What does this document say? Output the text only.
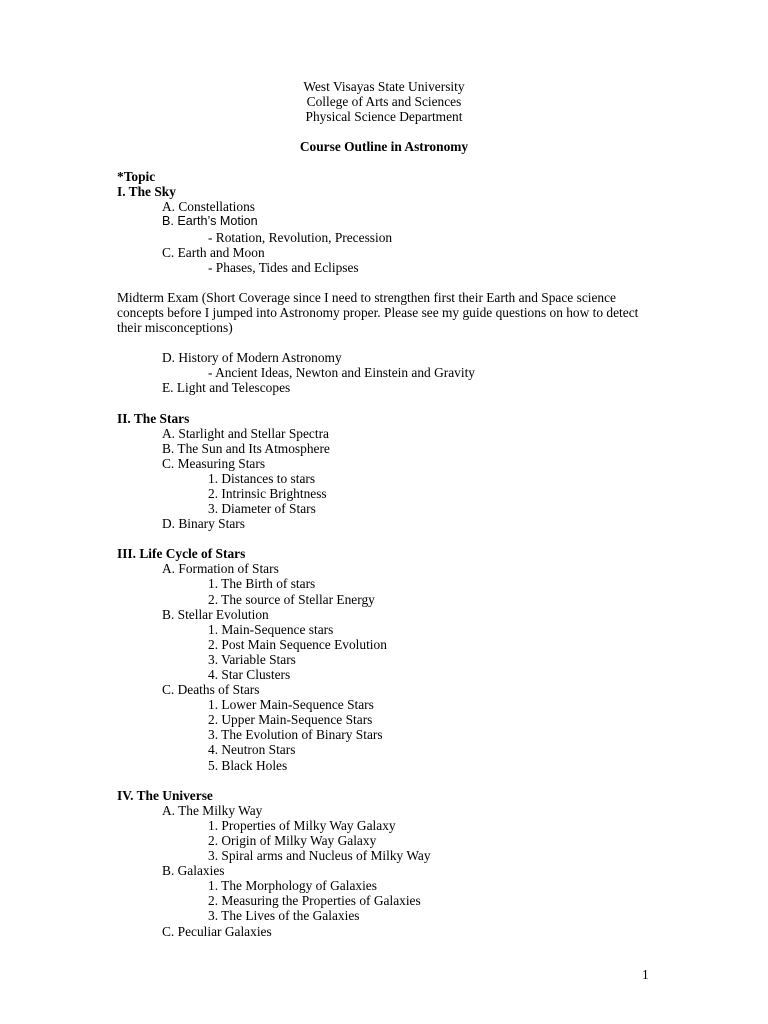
West Visayas State University
College of Arts and Sciences
Physical Science Department
Course Outline in Astronomy
*Topic
I. The Sky
A. Constellations
B. Earth’s Motion
- Rotation, Revolution, Precession
C. Earth and Moon
- Phases, Tides and Eclipses
Midterm Exam (Short Coverage since I need to strengthen first their Earth and Space science concepts before I jumped into Astronomy proper. Please see my guide questions on how to detect their misconceptions)
D. History of Modern Astronomy
- Ancient Ideas, Newton and Einstein and Gravity
E. Light and Telescopes
II. The Stars
A. Starlight and Stellar Spectra
B. The Sun and Its Atmosphere
C. Measuring Stars
1. Distances to stars
2. Intrinsic Brightness
3. Diameter of Stars
D. Binary Stars
III. Life Cycle of Stars
A. Formation of Stars
1. The Birth of stars
2. The source of Stellar Energy
B. Stellar Evolution
1. Main-Sequence stars
2. Post Main Sequence Evolution
3. Variable Stars
4. Star Clusters
C. Deaths of Stars
1. Lower Main-Sequence Stars
2. Upper Main-Sequence Stars
3. The Evolution of Binary Stars
4. Neutron Stars
5. Black Holes
IV. The Universe
A. The Milky Way
1. Properties of Milky Way Galaxy
2. Origin of Milky Way Galaxy
3. Spiral arms and Nucleus of Milky Way
B. Galaxies
1. The Morphology of Galaxies
2. Measuring the Properties of Galaxies
3. The Lives of the Galaxies
C. Peculiar Galaxies
1
